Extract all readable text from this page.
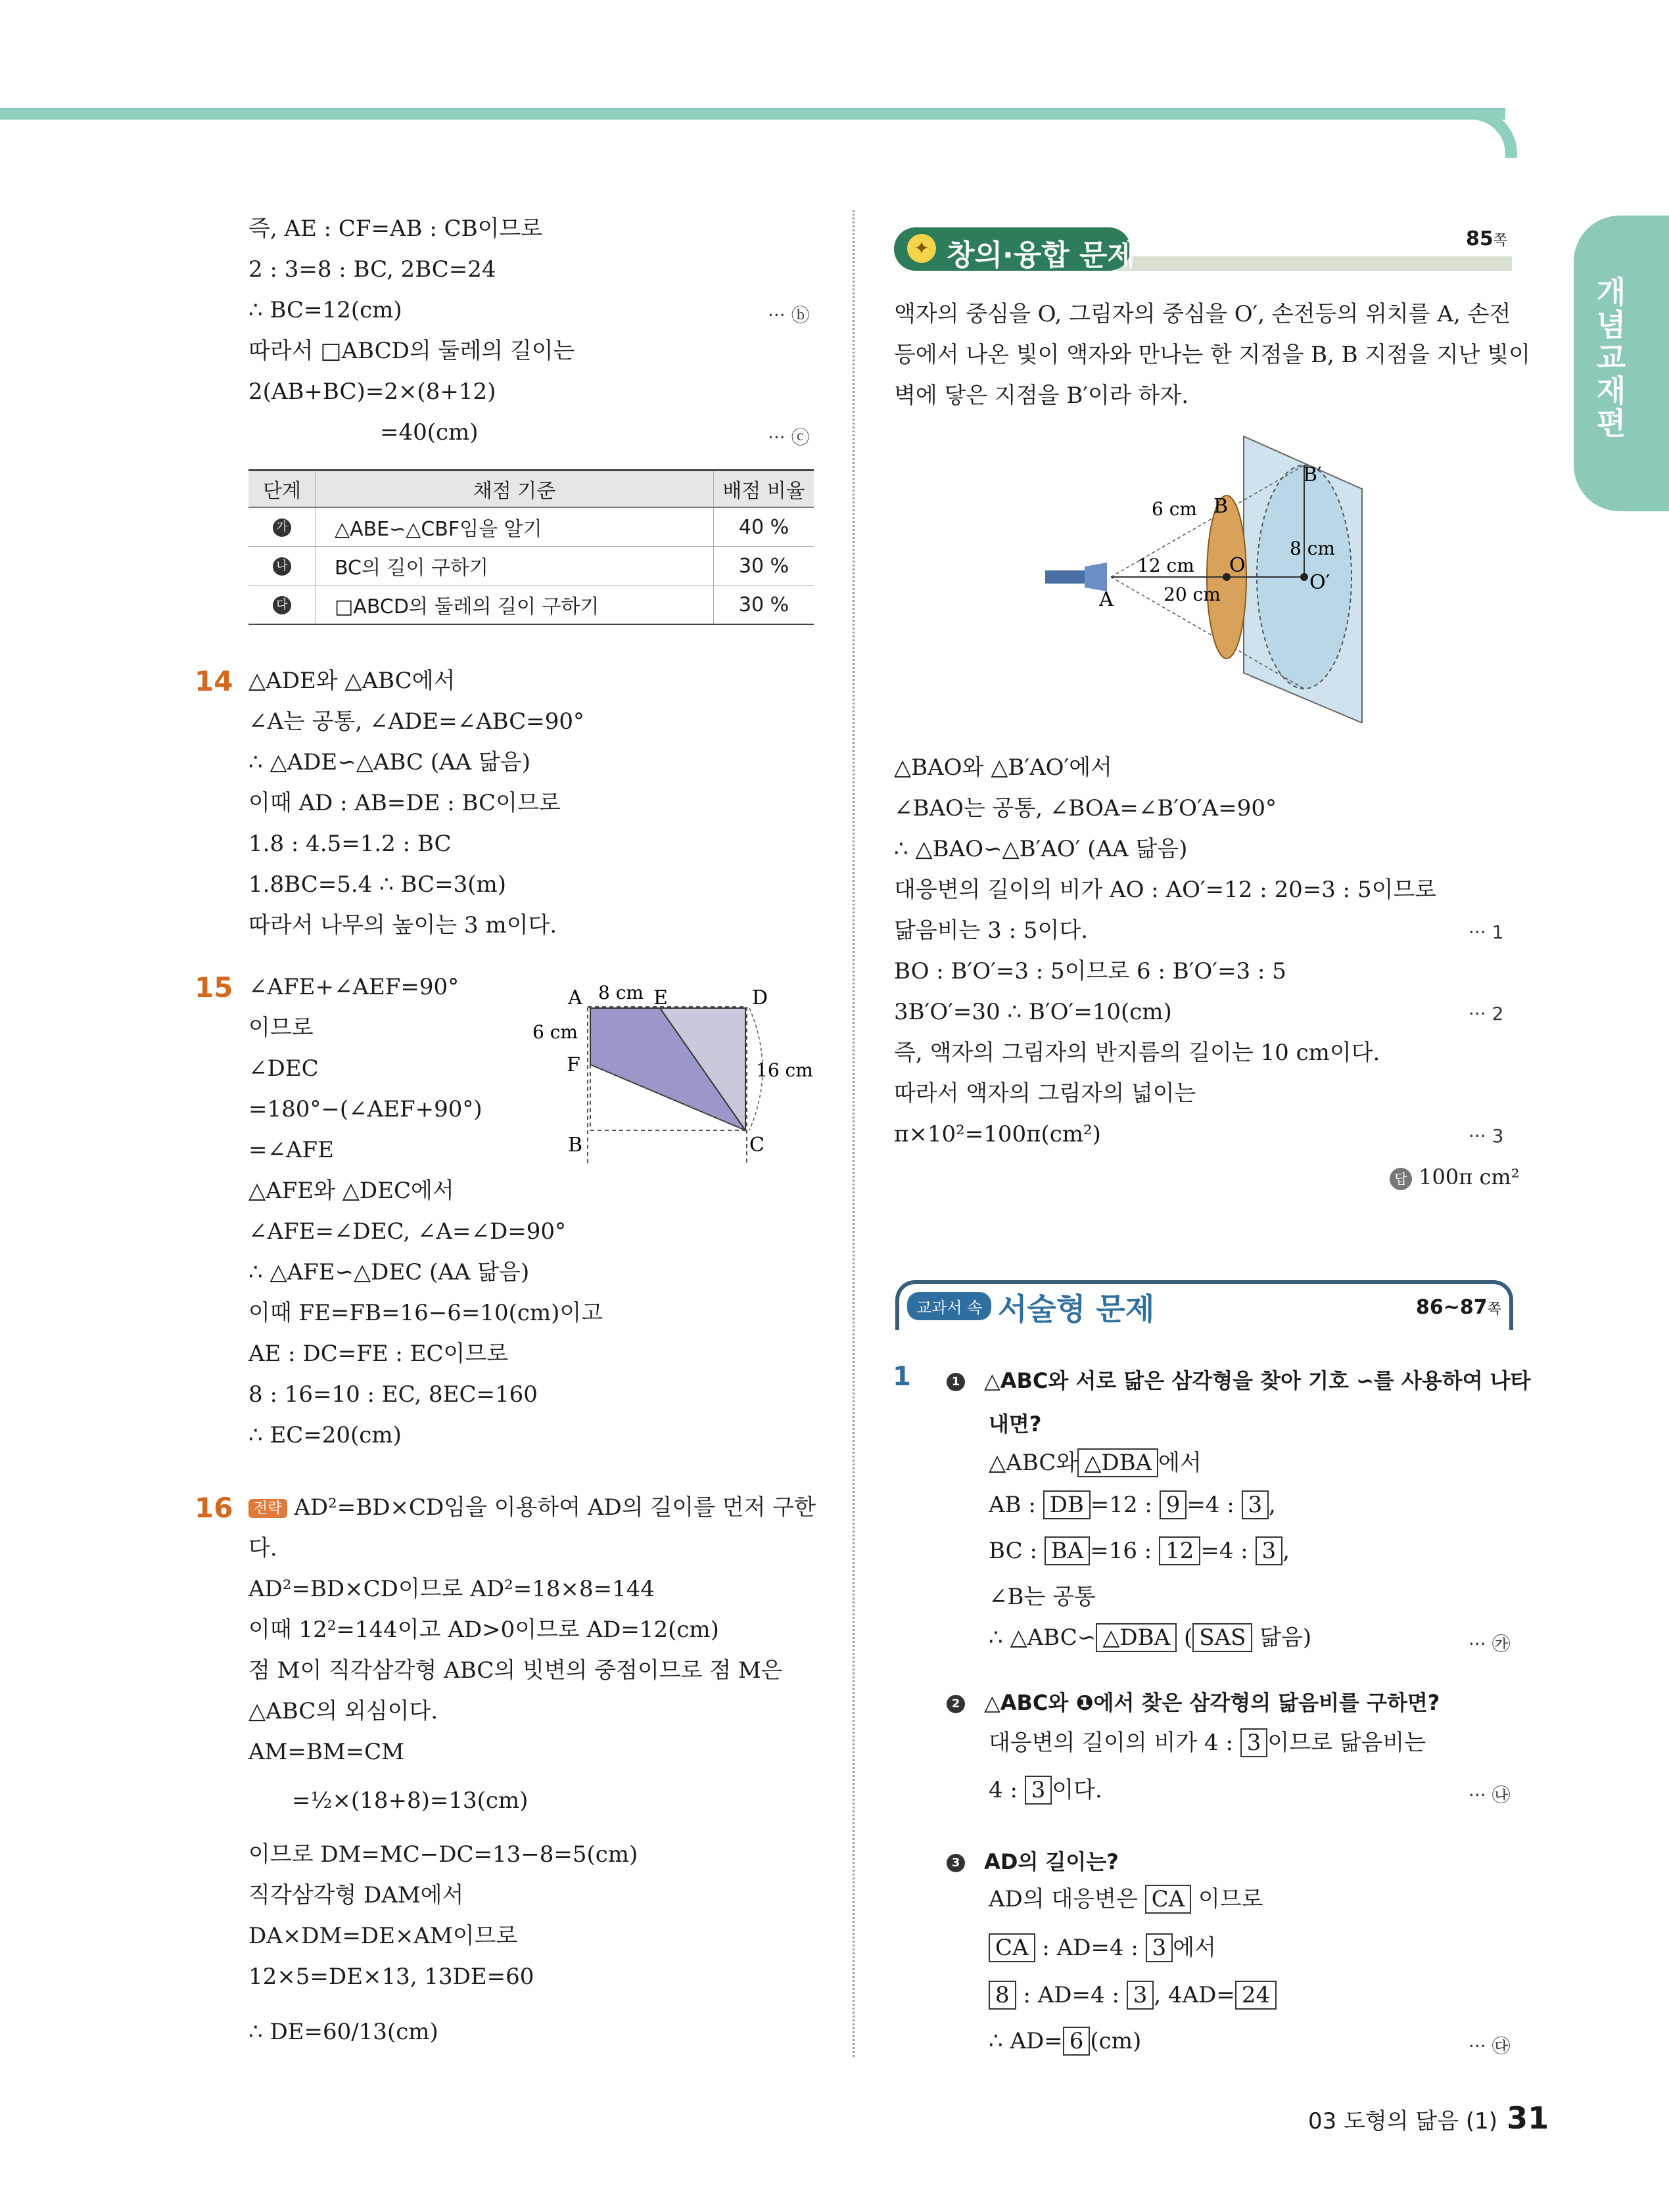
개념교재편
즉, AE : CF=AB : CB이므로
2 : 3=8 : BC, 2BC=24
∴ BC=12(cm)	··· ⓑ
따라서 □ABCD의 둘레의 길이는
2(AB+BC)=2×(8+12)
=40(cm)	··· ⓒ
단계	채점 기준	배점 비율
가	△ABE∽△CBF임을 알기	40 %
나	BC의 길이 구하기	30 %
다	□ABCD의 둘레의 길이 구하기	30 %
14 △ADE와 △ABC에서
∠A는 공통, ∠ADE=∠ABC=90°
∴ △ADE∽△ABC (AA 닮음)
이때 AD : AB=DE : BC이므로
1.8 : 4.5=1.2 : BC
1.8BC=5.4 ∴ BC=3(m)
따라서 나무의 높이는 3 m이다.
15 ∠AFE+∠AEF=90°
이므로
∠DEC
=180°−(∠AEF+90°)
=∠AFE
△AFE와 △DEC에서
∠AFE=∠DEC, ∠A=∠D=90°
∴ △AFE∽△DEC (AA 닮음)
이때 FE=FB=16−6=10(cm)이고
AE : DC=FE : EC이므로
8 : 16=10 : EC, 8EC=160
∴ EC=20(cm)
A 8 cm E	D
6 cm
F	16 cm
B	C
16	전략 AD²=BD×CD임을 이용하여 AD의 길이를 먼저 구한
다.
AD²=BD×CD이므로 AD²=18×8=144
이때 12²=144이고 AD>0이므로 AD=12(cm)
점 M이 직각삼각형 ABC의 빗변의 중점이므로 점 M은
△ABC의 외심이다.
AM=BM=CM
=½×(18+8)=13(cm)
이므로 DM=MC−DC=13−8=5(cm)
직각삼각형 DAM에서
DA×DM=DE×AM이므로
12×5=DE×13, 13DE=60
∴ DE=60/13(cm)
✦ 창의·융합 문제	85쪽
액자의 중심을 O, 그림자의 중심을 O′, 손전등의 위치를 A, 손전
등에서 나온 빛이 액자와 만나는 한 지점을 B, B 지점을 지난 빛이
벽에 닿은 지점을 B′이라 하자.
B′
6 cm B
8 cm
12 cm O
O′
A	20 cm
△BAO와 △B′AO′에서
∠BAO는 공통, ∠BOA=∠B′O′A=90°
∴ △BAO∽△B′AO′ (AA 닮음)
대응변의 길이의 비가 AO : AO′=12 : 20=3 : 5이므로
닮음비는 3 : 5이다.	··· 1
BO : B′O′=3 : 5이므로 6 : B′O′=3 : 5
3B′O′=30 ∴ B′O′=10(cm)	··· 2
즉, 액자의 그림자의 반지름의 길이는 10 cm이다.
따라서 액자의 그림자의 넓이는
π×10²=100π(cm²)	··· 3
답 100π cm²
교과서 속 서술형 문제	86~87쪽
1	1 △ABC와 서로 닮은 삼각형을 찾아 기호 ∽를 사용하여 나타
내면?
△ABC와 △DBA 에서
AB : DB =12 : 9 =4 : 3 ,
BC : BA =16 : 12 =4 : 3 ,
∠B는 공통
∴ △ABC∽ △DBA ( SAS 닮음)	··· ㉮
2 △ABC와 ❶에서 찾은 삼각형의 닮음비를 구하면?
대응변의 길이의 비가 4 : 3 이므로 닮음비는
4 : 3 이다.	··· ㉯
3 AD의 길이는?
AD의 대응변은 CA 이므로
CA : AD=4 : 3 에서
8 : AD=4 : 3 , 4AD= 24
∴ AD= 6 (cm)	··· ㉰
03 도형의 닮음 (1) 31
